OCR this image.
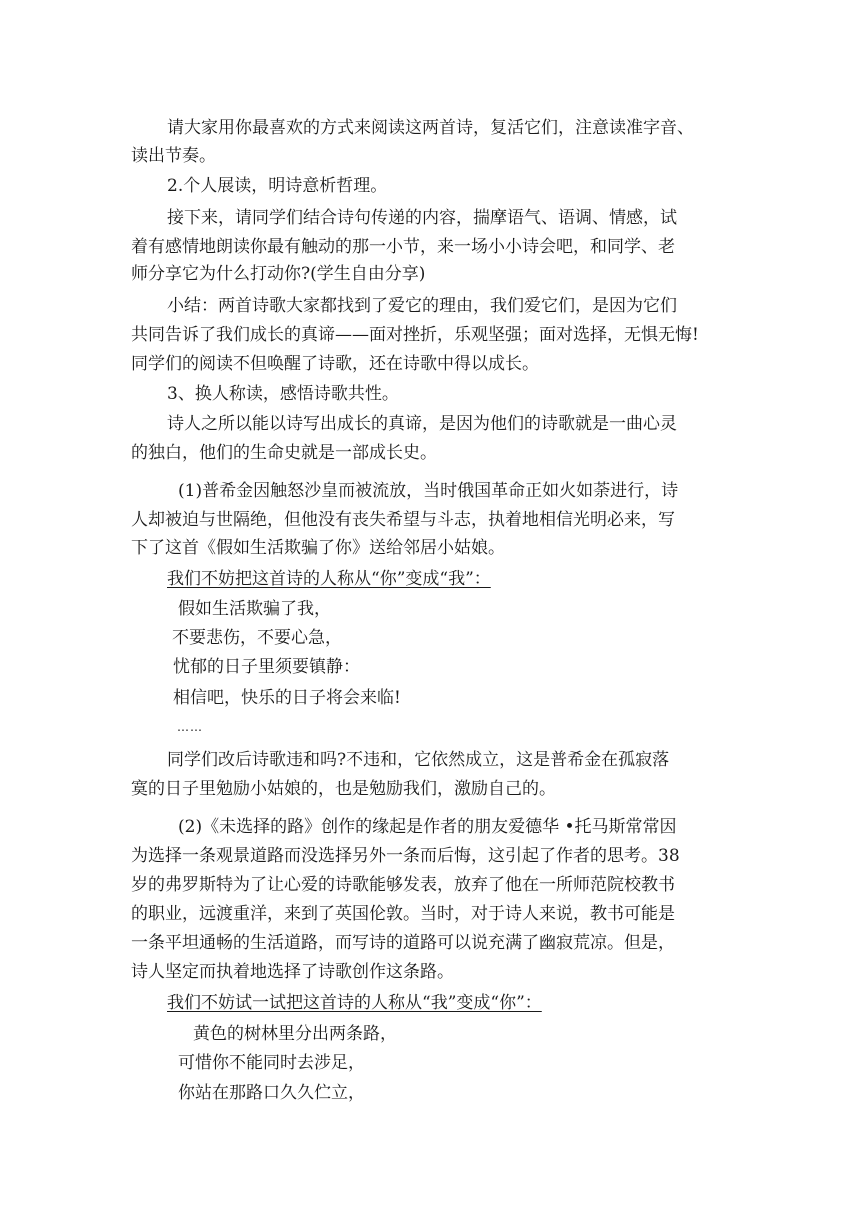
请大家用你最喜欢的方式来阅读这两首诗，复活它们，注意读准字音、
读出节奏。
2.个人展读，明诗意析哲理。
接下来，请同学们结合诗句传递的内容，揣摩语气、语调、情感，试
着有感情地朗读你最有触动的那一小节，来一场小小诗会吧，和同学、老
师分享它为什么打动你?(学生自由分享)
小结：两首诗歌大家都找到了爱它的理由，我们爱它们，是因为它们
共同告诉了我们成长的真谛——面对挫折，乐观坚强；面对选择，无惧无悔!
同学们的阅读不但唤醒了诗歌，还在诗歌中得以成长。
3、换人称读，感悟诗歌共性。
诗人之所以能以诗写出成长的真谛，是因为他们的诗歌就是一曲心灵
的独白，他们的生命史就是一部成长史。
(1)普希金因触怒沙皇而被流放，当时俄国革命正如火如荼进行，诗
人却被迫与世隔绝，但他没有丧失希望与斗志，执着地相信光明必来，写
下了这首《假如生活欺骗了你》送给邻居小姑娘。
我们不妨把这首诗的人称从“你”变成“我”：
假如生活欺骗了我，
不要悲伤，不要心急，
忧郁的日子里须要镇静：
相信吧，快乐的日子将会来临!
……
同学们改后诗歌违和吗?不违和，它依然成立，这是普希金在孤寂落
寞的日子里勉励小姑娘的，也是勉励我们，激励自己的。
(2)《未选择的路》创作的缘起是作者的朋友爱德华 •托马斯常常因
为选择一条观景道路而没选择另外一条而后悔，这引起了作者的思考。38
岁的弗罗斯特为了让心爱的诗歌能够发表，放弃了他在一所师范院校教书
的职业，远渡重洋，来到了英国伦敦。当时，对于诗人来说，教书可能是
一条平坦通畅的生活道路，而写诗的道路可以说充满了幽寂荒凉。但是，
诗人坚定而执着地选择了诗歌创作这条路。
我们不妨试一试把这首诗的人称从“我”变成“你”：
黄色的树林里分出两条路，
可惜你不能同时去涉足，
你站在那路口久久伫立，
